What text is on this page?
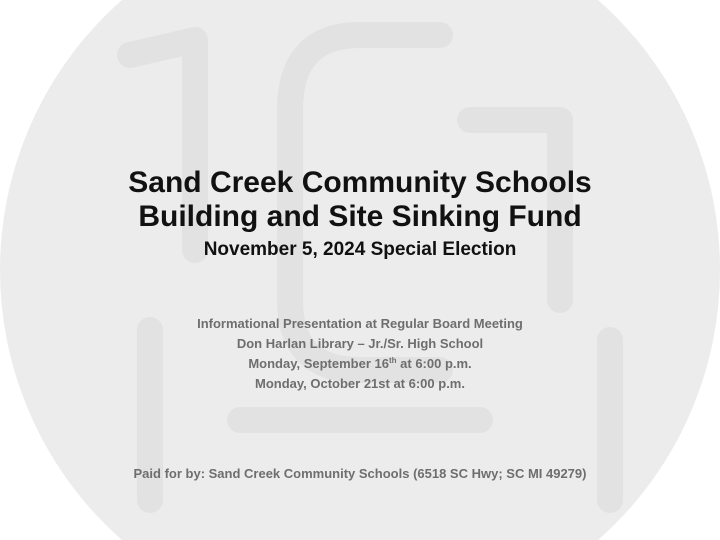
Sand Creek Community Schools

Building and Site Sinking Fund

November 5, 2024 Special Election

Informational Presentation at Regular Board Meeting

Don Harlan Library – Jr./Sr. High School

Monday, September 16th at 6:00 p.m.

Monday, October 21st at 6:00 p.m.

Paid for by: Sand Creek Community Schools (6518 SC Hwy; SC MI 49279)
